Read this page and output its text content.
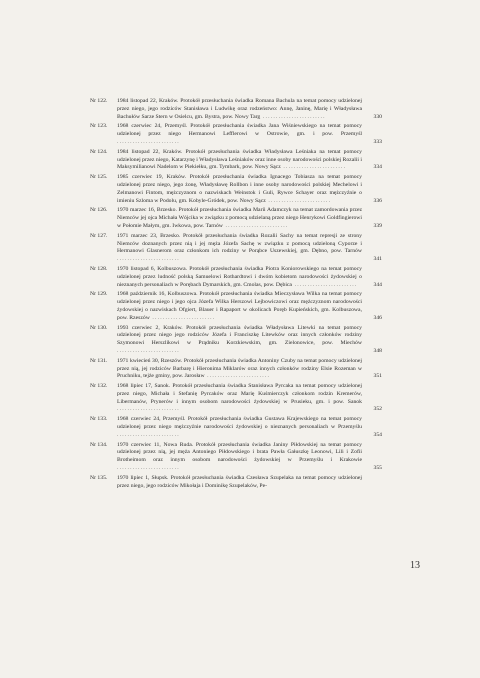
Nr 122.	1984 listopad 22, Kraków. Protokół przesłuchania świadka Romana Bachula na temat pomocy udzielonej przez niego, jego rodziców Stanisława i Ludwikę oraz rodzeństwo: Annę, Janinę, Marię i Władysława Bachułów Sarze Stern w Osielcu, gm. Bystra, pow. Nowy Targ ........................	330
Nr 123.	1968 czerwiec 24, Przemyśl. Protokół przesłuchania świadka Jana Wiśniewskiego na temat pomocy udzielonej przez niego Hermanowi Lefflerowi w Ostrowie, gm. i pow. Przemyśl ........................	333
Nr 124.	1984 listopad 22, Kraków. Protokół przesłuchania świadka Władysława Leśniaka na temat pomocy udzielonej przez niego, Katarzynę i Władysława Leśniaków oraz inne osoby narodowości polskiej Rozalii i Maksymilianowi Nadelom w Piekiełku, gm. Tymbark, pow. Nowy Sącz ........................	334
Nr 125.	1985 czerwiec 19, Kraków. Protokół przesłuchania świadka Ignacego Tobiasza na temat pomocy udzielonej przez niego, jego żonę, Władysławę Rollbon i inne osoby narodowości polskiej Mechelowi i Zelmanowi Fintom, mężczyznom o nazwiskach Weinstok i Guli, Rywce Schayer oraz mężczyźnie o imieniu Szloma w Podolu, gm. Kobyle-Gródek, pow. Nowy Sącz ........................	336
Nr 126.	1970 marzec 16, Brzesko. Protokół przesłuchania świadka Marii Adamczyk na temat zamordowania przez Niemców jej ojca Michała Wójcika w związku z pomocą udzielaną przez niego Henrykowi Goldfingierowi w Połomie Małym, gm. Iwkowa, pow. Tarnów ........................	339
Nr 127.	1971 marzec 23, Brzesko. Protokół przesłuchania świadka Rozalii Sachy na temat represji ze strony Niemców doznanych przez nią i jej męża Józefa Sachę w związku z pomocą udzieloną Cyporze i Hermanowi Glasnerom oraz członkom ich rodziny w Porąbce Uszewskiej, gm. Dębno, pow. Tarnów ........................	341
Nr 128.	1970 listopad 6, Kolbuszowa. Protokół przesłuchania świadka Piotra Koniorowskiego na temat pomocy udzielonej przez ludność polską Samuelowi Rothardtowi i dwóm kobietom narodowości żydowskiej o nieznanych personaliach w Porębach Dymarskich, gm. Cmolas, pow. Dębica ........................	344
Nr 129.	1968 październik 16, Kolbuszowa. Protokół przesłuchania świadka Mieczysława Wilka na temat pomocy udzielonej przez niego i jego ojca Józefa Wilka Herszowi Lejbowiczowi oraz mężczyznom narodowości żydowskiej o nazwiskach Ofgiert, Blauer i Rapaport w okolicach Poręb Kupieńskich, gm. Kolbuszowa, pow. Rzeszów ........................	346
Nr 130.	1993 czerwiec 2, Kraków. Protokół przesłuchania świadka Władysława Litewki na temat pomocy udzielonej przez niego jego rodziców Józefa i Franciszkę Litewków oraz innych członków rodziny Szymonowi Herszlikowi w Prądniku Korzkiewskim, gm. Zielonowice, pow. Miechów ........................	348
Nr 131.	1971 kwiecień 30, Rzeszów. Protokół przesłuchania świadka Antoniny Czuby na temat pomocy udzielonej przez nią, jej rodziców Barbarę i Hieronima Miklarów oraz innych członków rodziny Elsie Rozeman w Pruchniku, tejże gminy, pow. Jarosław ........................	351
Nr 132.	1968 lipiec 17, Sanok. Protokół przesłuchania świadka Stanisława Pyrcaka na temat pomocy udzielonej przez niego, Michała i Stefanię Pyrcaków oraz Marię Kuśmierczyk członkom rodzin Kremerów, Libermanów, Prynerów i innym osobom narodowości żydowskiej w Prusieku, gm. i pow. Sanok ........................	352
Nr 133.	1968 czerwiec 24, Przemyśl. Protokół przesłuchania świadka Gustawa Krajewskiego na temat pomocy udzielonej przez niego mężczyźnie narodowości żydowskiej o nieznanych personaliach w Przemyślu ........................	354
Nr 134.	1970 czerwiec 11, Nowa Ruda. Protokół przesłuchania świadka Janiny Piłdowskiej na temat pomocy udzielonej przez nią, jej męża Antoniego Piłdowskiego i brata Pawła Gałuszkę Leonowi, Lili i Zofii Brotheimom oraz innym osobom narodowości żydowskiej w Przemyślu i Krakowie ........................	355
Nr 135.	1970 lipiec 1, Słupsk. Protokół przesłuchania świadka Czesława Szupelaka na temat pomocy udzielonej przez niego, jego rodziców Mikołaja i Dominikę Szupelaków, Pe-
13
